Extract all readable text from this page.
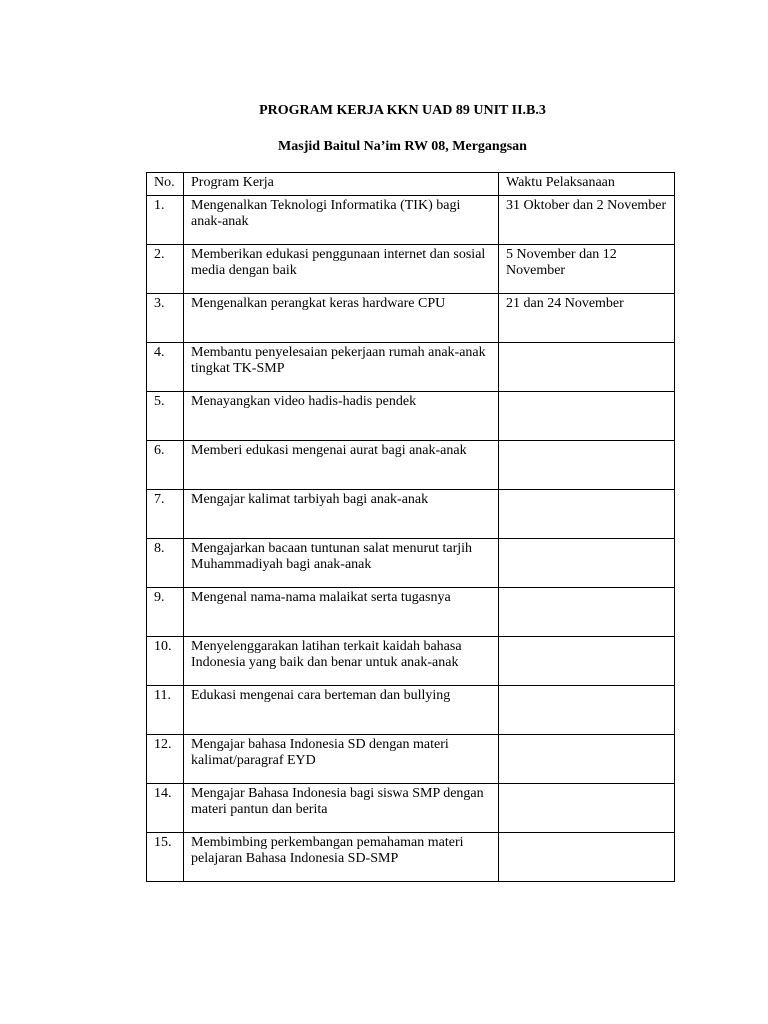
PROGRAM KERJA KKN UAD 89 UNIT II.B.3
Masjid Baitul Na’im RW 08, Mergangsan
No.	Program Kerja	Waktu Pelaksanaan
1.	Mengenalkan Teknologi Informatika (TIK) bagi anak-anak	31 Oktober dan 2 November
2.	Memberikan edukasi penggunaan internet dan sosial media dengan baik	5 November dan 12 November
3.	Mengenalkan perangkat keras hardware CPU	21 dan 24 November
4.	Membantu penyelesaian pekerjaan rumah anak-anak tingkat TK-SMP	
5.	Menayangkan video hadis-hadis pendek	
6.	Memberi edukasi mengenai aurat bagi anak-anak	
7.	Mengajar kalimat tarbiyah bagi anak-anak	
8.	Mengajarkan bacaan tuntunan salat menurut tarjih Muhammadiyah bagi anak-anak	
9.	Mengenal nama-nama malaikat serta tugasnya	
10.	Menyelenggarakan latihan terkait kaidah bahasa Indonesia yang baik dan benar untuk anak-anak	
11.	Edukasi mengenai cara berteman dan bullying	
12.	Mengajar bahasa Indonesia SD dengan materi kalimat/paragraf EYD	
14.	Mengajar Bahasa Indonesia bagi siswa SMP dengan materi pantun dan berita	
15.	Membimbing perkembangan pemahaman materi pelajaran Bahasa Indonesia SD-SMP	
